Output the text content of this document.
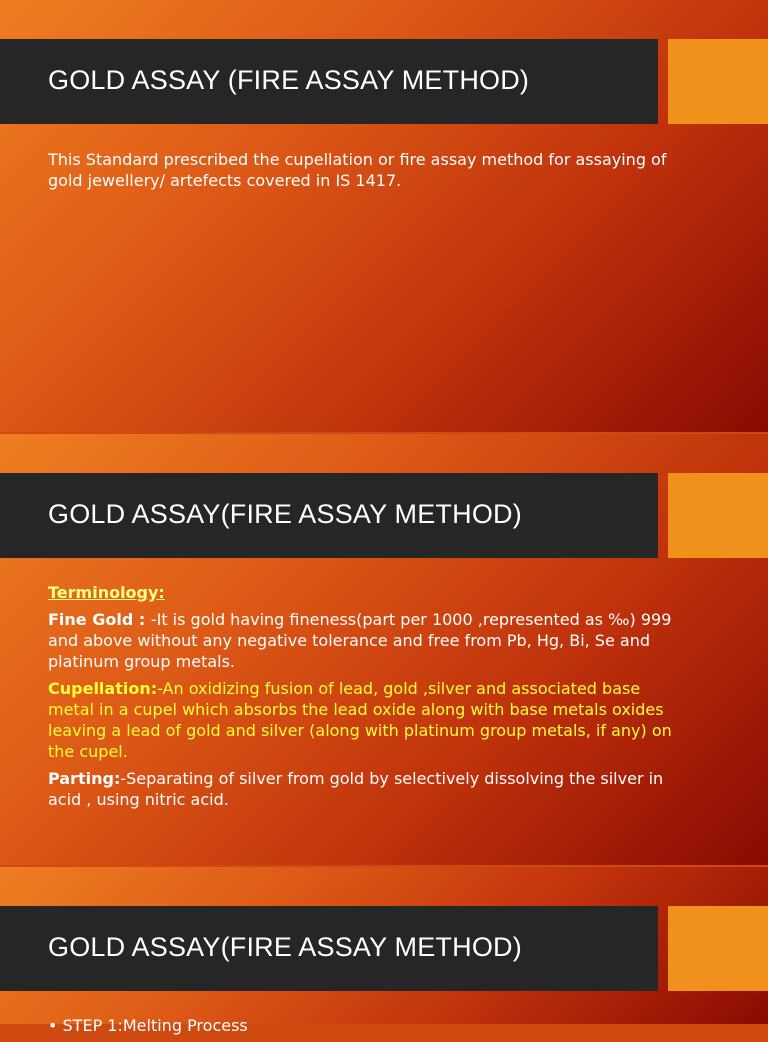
GOLD ASSAY (FIRE ASSAY METHOD)

This Standard prescribed the cupellation or fire assay method for assaying of gold jewellery/ artefects covered in IS 1417.

GOLD ASSAY(FIRE ASSAY METHOD)

Terminology:

Fine Gold : -It is gold having fineness(part per 1000 ,represented as ‰) 999 and above without any negative tolerance and free from Pb, Hg, Bi, Se and platinum group metals.

Cupellation:-An oxidizing fusion of lead, gold ,silver and associated base metal in a cupel which absorbs the lead oxide along with base metals oxides leaving a lead of gold and silver (along with platinum group metals, if any) on the cupel.

Parting:-Separating of silver from gold by selectively dissolving the silver in acid , using nitric acid.

GOLD ASSAY(FIRE ASSAY METHOD)

• STEP 1:Melting Process
